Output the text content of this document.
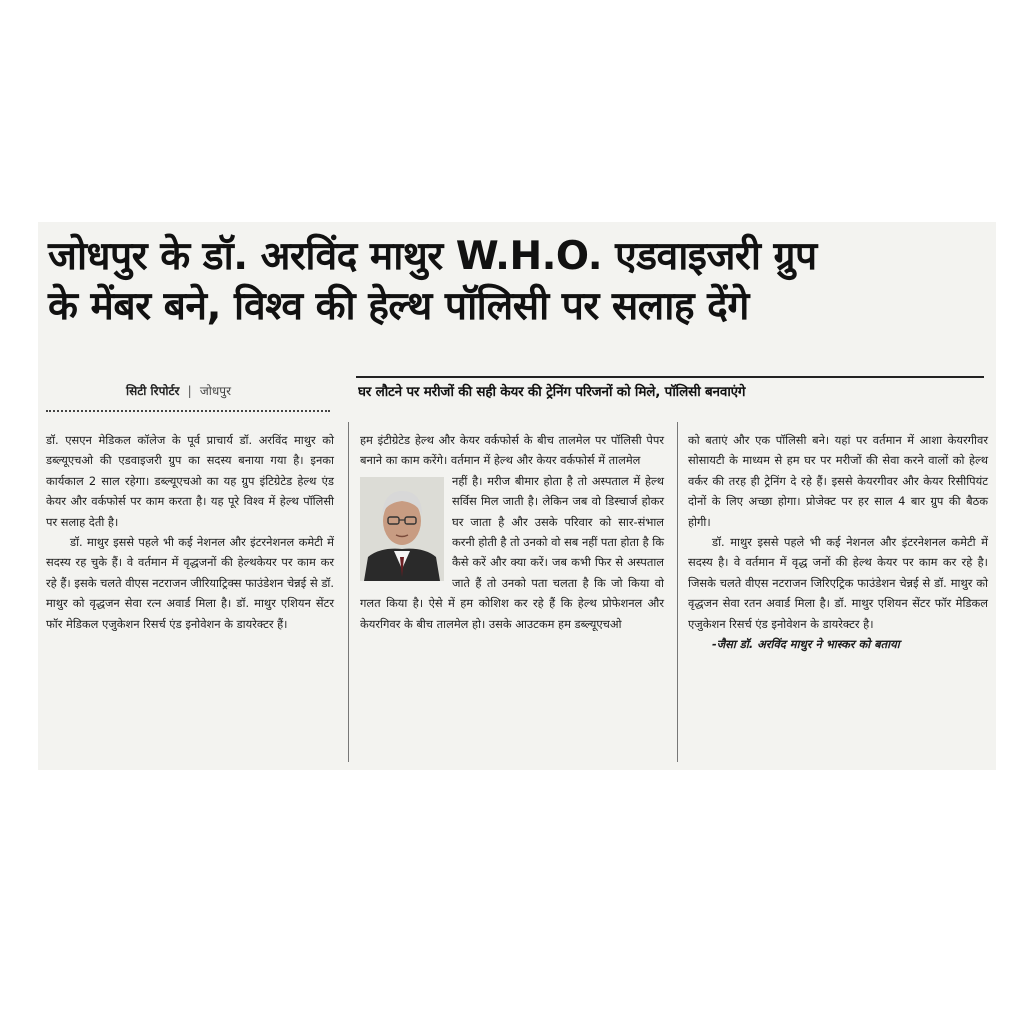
जोधपुर के डॉ. अरविंद माथुर W.H.O. एडवाइजरी ग्रुप
के मेंबर बने, विश्व की हेल्थ पॉलिसी पर सलाह देंगे
सिटी रिपोर्टर | जोधपुर	घर लौटने पर मरीजों की सही केयर की ट्रेनिंग परिजनों को मिले, पॉलिसी बनवाएंगे

डॉ. एसएन मेडिकल कॉलेज के पूर्व प्राचार्य डॉ. अरविंद माथुर को डब्ल्यूएचओ की एडवाइजरी ग्रुप का सदस्य बनाया गया है। इनका कार्यकाल 2 साल रहेगा। डब्ल्यूएचओ का यह ग्रुप इंटिग्रेटेड हेल्थ एंड केयर और वर्कफोर्स पर काम करता है। यह पूरे विश्व में हेल्थ पॉलिसी पर सलाह देती है।

डॉ. माथुर इससे पहले भी कई नेशनल और इंटरनेशनल कमेटी में सदस्य रह चुके हैं। वे वर्तमान में वृद्धजनों की हेल्थकेयर पर काम कर रहे हैं। इसके चलते वीएस नटराजन जीरियाट्रिक्स फाउंडेशन चेन्नई से डॉ. माथुर को वृद्धजन सेवा रत्न अवार्ड मिला है। डॉ. माथुर एशियन सेंटर फॉर मेडिकल एजुकेशन रिसर्च एंड इनोवेशन के डायरेक्टर हैं।

हम इंटीग्रेटेड हेल्थ और केयर वर्कफोर्स के बीच तालमेल पर पॉलिसी पेपर बनाने का काम करेंगे। वर्तमान में हेल्थ और केयर वर्कफोर्स में तालमेल

नहीं है। मरीज बीमार होता है तो अस्पताल में हेल्थ सर्विस मिल जाती है। लेकिन जब वो डिस्चार्ज होकर घर जाता है और उसके परिवार को सार-संभाल करनी होती है तो उनको वो सब नहीं पता होता है कि कैसे करें और क्या करें। जब कभी फिर से अस्पताल जाते हैं तो उनको पता चलता है कि जो किया वो गलत किया है। ऐसे में हम कोशिश कर रहे हैं कि हेल्थ प्रोफेशनल और केयरगिवर के बीच तालमेल हो। उसके आउटकम हम डब्ल्यूएचओ

को बताएं और एक पॉलिसी बने। यहां पर वर्तमान में आशा केयरगीवर सोसायटी के माध्यम से हम घर पर मरीजों की सेवा करने वालों को हेल्थ वर्कर की तरह ही ट्रेनिंग दे रहे हैं। इससे केयरगीवर और केयर रिसीपियंट दोनों के लिए अच्छा होगा। प्रोजेक्ट पर हर साल 4 बार ग्रुप की बैठक होगी।

डॉ. माथुर इससे पहले भी कई नेशनल और इंटरनेशनल कमेटी में सदस्य है। वे वर्तमान में वृद्ध जनों की हेल्थ केयर पर काम कर रहे है। जिसके चलते वीएस नटराजन जिरिएट्रिक फाउंडेशन चेन्नई से डॉ. माथुर को वृद्धजन सेवा रतन अवार्ड मिला है। डॉ. माथुर एशियन सेंटर फॉर मेडिकल एजुकेशन रिसर्च एंड इनोवेशन के डायरेक्टर है।

-जैसा डॉ. अरविंद माथुर ने भास्कर को बताया
